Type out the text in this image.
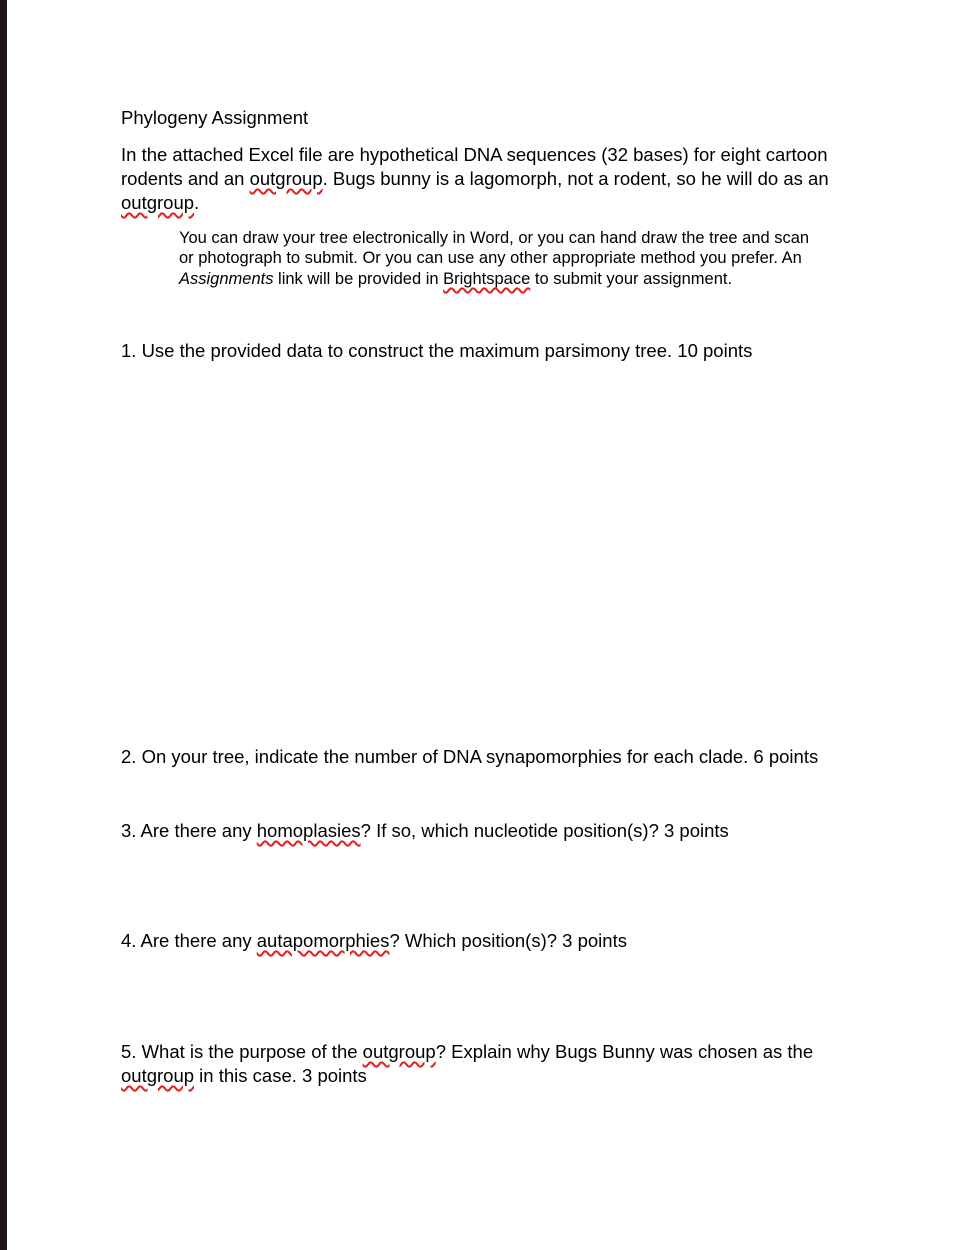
Phylogeny Assignment
In the attached Excel file are hypothetical DNA sequences (32 bases) for eight cartoon
rodents and an outgroup. Bugs bunny is a lagomorph, not a rodent, so he will do as an
outgroup.
You can draw your tree electronically in Word, or you can hand draw the tree and scan
or photograph to submit. Or you can use any other appropriate method you prefer. An
Assignments link will be provided in Brightspace to submit your assignment.
1. Use the provided data to construct the maximum parsimony tree. 10 points
2. On your tree, indicate the number of DNA synapomorphies for each clade. 6 points
3. Are there any homoplasies? If so, which nucleotide position(s)? 3 points
4. Are there any autapomorphies? Which position(s)? 3 points
5. What is the purpose of the outgroup? Explain why Bugs Bunny was chosen as the
outgroup in this case. 3 points
